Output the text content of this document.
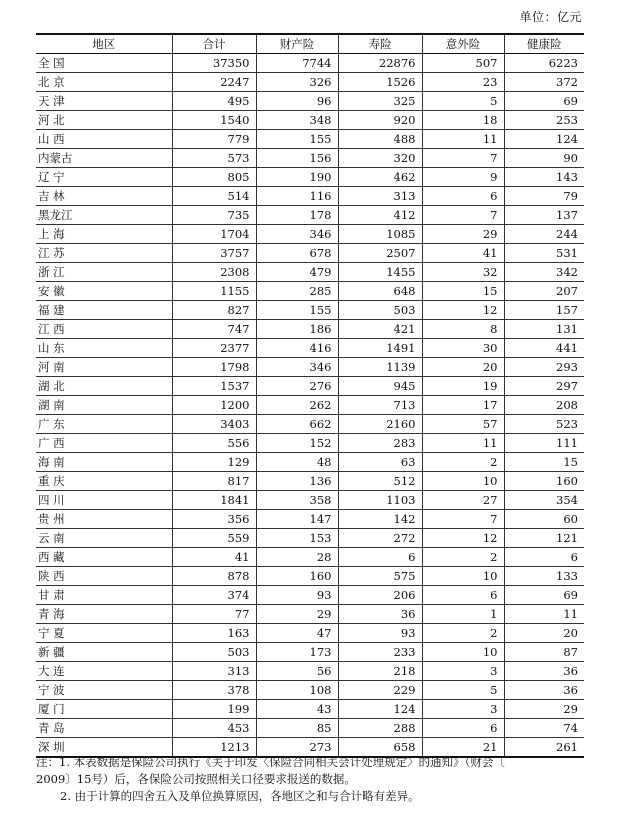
单位：亿元
地区	合计	财产险	寿险	意外险	健康险
全 国	37350	7744	22876	507	6223
北 京	2247	326	1526	23	372
天 津	495	96	325	5	69
河 北	1540	348	920	18	253
山 西	779	155	488	11	124
内蒙古	573	156	320	7	90
辽 宁	805	190	462	9	143
吉 林	514	116	313	6	79
黑龙江	735	178	412	7	137
上 海	1704	346	1085	29	244
江 苏	3757	678	2507	41	531
浙 江	2308	479	1455	32	342
安 徽	1155	285	648	15	207
福 建	827	155	503	12	157
江 西	747	186	421	8	131
山 东	2377	416	1491	30	441
河 南	1798	346	1139	20	293
湖 北	1537	276	945	19	297
湖 南	1200	262	713	17	208
广 东	3403	662	2160	57	523
广 西	556	152	283	11	111
海 南	129	48	63	2	15
重 庆	817	136	512	10	160
四 川	1841	358	1103	27	354
贵 州	356	147	142	7	60
云 南	559	153	272	12	121
西 藏	41	28	6	2	6
陕 西	878	160	575	10	133
甘 肃	374	93	206	6	69
青 海	77	29	36	1	11
宁 夏	163	47	93	2	20
新 疆	503	173	233	10	87
大 连	313	56	218	3	36
宁 波	378	108	229	5	36
厦 门	199	43	124	3	29
青 岛	453	85	288	6	74
深 圳	1213	273	658	21	261

注：1. 本表数据是保险公司执行《关于印发〈保险合同相关会计处理规定〉的通知》（财会〔

2009〕15号）后，各保险公司按照相关口径要求报送的数据。

2. 由于计算的四舍五入及单位换算原因，各地区之和与合计略有差异。
